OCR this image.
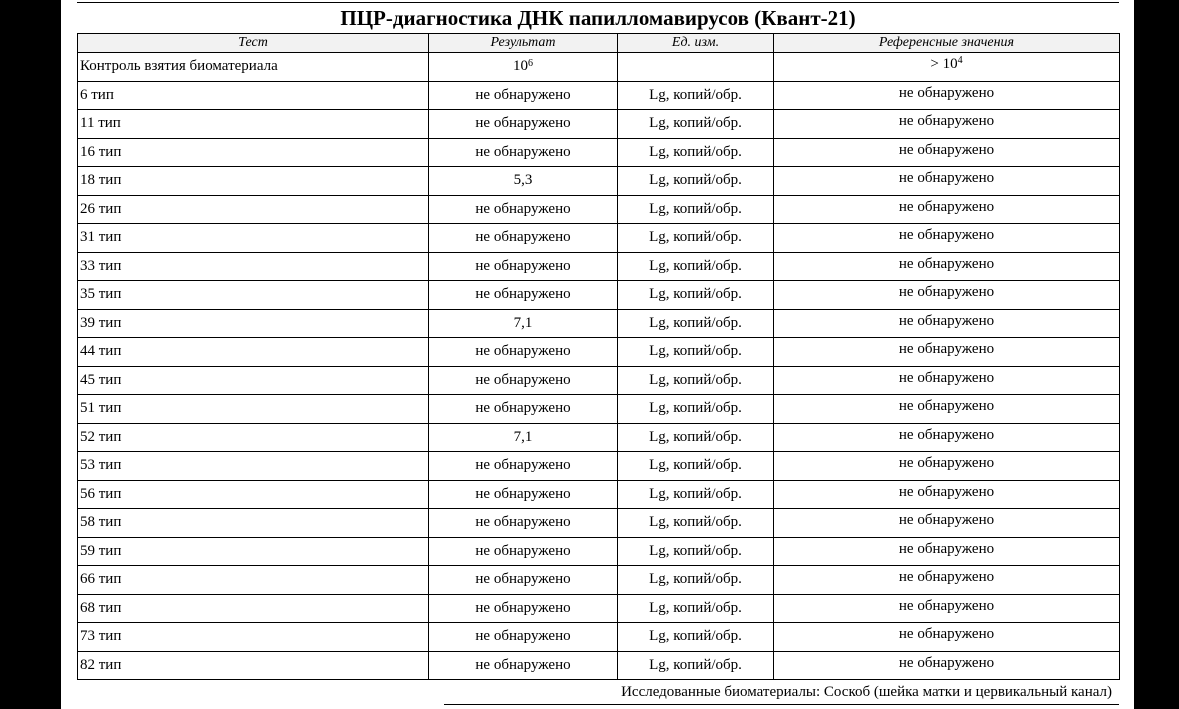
ПЦР-диагностика ДНК папилломавирусов (Квант-21)
Тест	Результат	Ед. изм.	Референсные значения
Контроль взятия биоматериала	$10^6$		> $10^4$
6 тип	не обнаружено	Lg, копий/обр.	не обнаружено
11 тип	не обнаружено	Lg, копий/обр.	не обнаружено
16 тип	не обнаружено	Lg, копий/обр.	не обнаружено
18 тип	5,3	Lg, копий/обр.	не обнаружено
26 тип	не обнаружено	Lg, копий/обр.	не обнаружено
31 тип	не обнаружено	Lg, копий/обр.	не обнаружено
33 тип	не обнаружено	Lg, копий/обр.	не обнаружено
35 тип	не обнаружено	Lg, копий/обр.	не обнаружено
39 тип	7,1	Lg, копий/обр.	не обнаружено
44 тип	не обнаружено	Lg, копий/обр.	не обнаружено
45 тип	не обнаружено	Lg, копий/обр.	не обнаружено
51 тип	не обнаружено	Lg, копий/обр.	не обнаружено
52 тип	7,1	Lg, копий/обр.	не обнаружено
53 тип	не обнаружено	Lg, копий/обр.	не обнаружено
56 тип	не обнаружено	Lg, копий/обр.	не обнаружено
58 тип	не обнаружено	Lg, копий/обр.	не обнаружено
59 тип	не обнаружено	Lg, копий/обр.	не обнаружено
66 тип	не обнаружено	Lg, копий/обр.	не обнаружено
68 тип	не обнаружено	Lg, копий/обр.	не обнаружено
73 тип	не обнаружено	Lg, копий/обр.	не обнаружено
82 тип	не обнаружено	Lg, копий/обр.	не обнаружено
Исследованные биоматериалы: Соскоб (шейка матки и цервикальный канал)
